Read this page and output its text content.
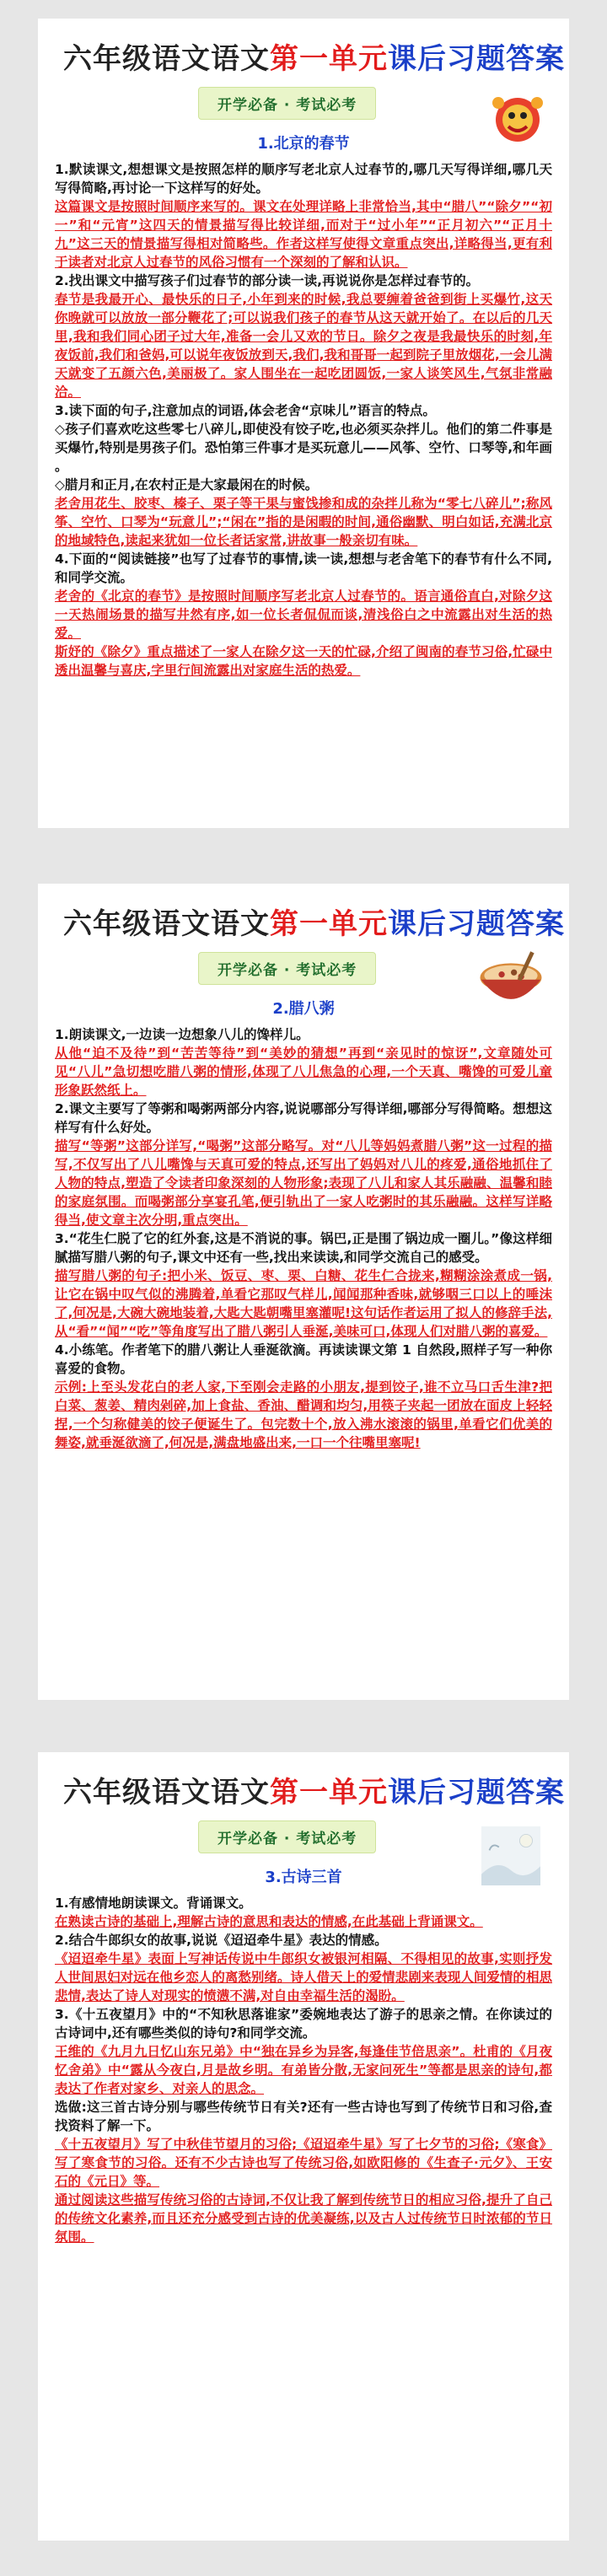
六年级语文语文第一单元课后习题答案
开学必备 · 考试必考
1.北京的春节

1.默读课文,想想课文是按照怎样的顺序写老北京人过春节的,哪几天写得详细,哪几天写得简略,再讨论一下这样写的好处。

这篇课文是按照时间顺序来写的。课文在处理详略上非常恰当,其中“腊八”“除夕”“初一”和“元宵”这四天的情景描写得比较详细,而对于“过小年”“正月初六”“正月十九”这三天的情景描写得相对简略些。作者这样写使得文章重点突出,详略得当,更有利于读者对北京人过春节的风俗习惯有一个深刻的了解和认识。

2.找出课文中描写孩子们过春节的部分读一读,再说说你是怎样过春节的。

春节是我最开心、最快乐的日子,小年到来的时候,我总要缠着爸爸到街上买爆竹,这天你晚就可以放放一部分鞭花了;可以说我们孩子的春节从这天就开始了。在以后的几天里,我和我们同心团子过大年,准备一会儿又欢的节日。除夕之夜是我最快乐的时刻,年夜饭前,我们和爸妈,可以说年夜饭放到天,我们,我和哥哥一起到院子里放烟花,一会儿满天就变了五颜六色,美丽极了。家人围坐在一起吃团圆饭,一家人谈笑风生,气氛非常融洽。

3.读下面的句子,注意加点的词语,体会老舍“京味儿”语言的特点。

◇孩子们喜欢吃这些零七八碎儿,即使没有饺子吃,也必须买杂拌儿。他们的第二件事是买爆竹,特别是男孩子们。恐怕第三件事才是买玩意儿——风筝、空竹、口琴等,和年画 。

◇腊月和正月,在农村正是大家最闲在的时候。

老舍用花生、胶枣、榛子、栗子等干果与蜜饯掺和成的杂拌儿称为“零七八碎儿”;称风筝、空竹、口琴为“玩意儿”;“闲在”指的是闲暇的时间,通俗幽默、明白如话,充满北京的地域特色,读起来犹如一位长者话家常,讲故事一般亲切有味。

4.下面的“阅读链接”也写了过春节的事情,读一读,想想与老舍笔下的春节有什么不同,和同学交流。

老舍的《北京的春节》是按照时间顺序写老北京人过春节的。语言通俗直白,对除夕这一天热闹场景的描写井然有序,如一位长者侃侃而谈,清浅俗白之中流露出对生活的热爱。

斯妤的《除夕》重点描述了一家人在除夕这一天的忙碌,介绍了闽南的春节习俗,忙碌中透出温馨与喜庆,字里行间流露出对家庭生活的热爱。

六年级语文语文第一单元课后习题答案
开学必备 · 考试必考
2.腊八粥

1.朗读课文,一边读一边想象八儿的馋样儿。

从他“迫不及待”到“苦苦等待”到“美妙的猜想”再到“亲见时的惊讶”,文章随处可见“八儿”急切想吃腊八粥的情形,体现了八儿焦急的心理,一个天真、嘴馋的可爱儿童形象跃然纸上。

2.课文主要写了等粥和喝粥两部分内容,说说哪部分写得详细,哪部分写得简略。想想这样写有什么好处。

描写“等粥”这部分详写,“喝粥”这部分略写。对“八儿等妈妈煮腊八粥”这一过程的描写,不仅写出了八儿嘴馋与天真可爱的特点,还写出了妈妈对八儿的疼爱,通俗地抓住了人物的特点,塑造了令读者印象深刻的人物形象;表现了八儿和家人其乐融融、温馨和睦的家庭氛围。而喝粥部分享宴孔笔,便引轨出了一家人吃粥时的其乐融融。这样写详略得当,使文章主次分明,重点突出。

3.“花生仁脱了它的红外套,这是不消说的事。锅巴,正是围了锅边成一圈儿。”像这样细腻描写腊八粥的句子,课文中还有一些,找出来读读,和同学交流自己的感受。

描写腊八粥的句子:把小米、饭豆、枣、栗、白糖、花生仁合拢来,糊糊涂涂煮成一锅,让它在锅中叹气似的沸腾着,单看它那叹气样儿,闻闻那种香味,就够咽三口以上的唾沫了,何况是,大碗大碗地装着,大匙大匙朝嘴里塞灌呢!这句话作者运用了拟人的修辞手法,从“看”“闻”“吃”等角度写出了腊八粥引人垂涎,美味可口,体现人们对腊八粥的喜爱。

4.小练笔。作者笔下的腊八粥让人垂涎欲滴。再读读课文第 1 自然段,照样子写一种你喜爱的食物。

示例:上至头发花白的老人家,下至刚会走路的小朋友,提到饺子,谁不立马口舌生津?把白菜、葱姜、精肉剁碎,加上食盐、香油、醋调和均匀,用筷子夹起一团放在面皮上轻轻捏,一个匀称健美的饺子便诞生了。包完数十个,放入沸水滚滚的锅里,单看它们优美的舞姿,就垂涎欲滴了,何况是,满盘地盛出来,一口一个往嘴里塞呢!

六年级语文语文第一单元课后习题答案
开学必备 · 考试必考
3.古诗三首

1.有感情地朗读课文。背诵课文。

在熟读古诗的基础上,理解古诗的意思和表达的情感,在此基础上背诵课文。

2.结合牛郎织女的故事,说说《迢迢牵牛星》表达的情感。

《迢迢牵牛星》表面上写神话传说中牛郎织女被银河相隔、不得相见的故事,实则抒发人世间思妇对远在他乡恋人的离愁别绪。诗人借天上的爱情悲剧来表现人间爱情的相思悲情,表达了诗人对现实的愤懑不满,对自由幸福生活的渴盼。

3.《十五夜望月》中的“不知秋思落谁家”委婉地表达了游子的思亲之情。在你读过的古诗词中,还有哪些类似的诗句?和同学交流。

王维的《九月九日忆山东兄弟》中“独在异乡为异客,每逢佳节倍思亲”。杜甫的《月夜忆舍弟》中“露从今夜白,月是故乡明。有弟皆分散,无家问死生”等都是思亲的诗句,都表达了作者对家乡、对亲人的思念。

选做:这三首古诗分别与哪些传统节日有关?还有一些古诗也写到了传统节日和习俗,查找资料了解一下。

《十五夜望月》写了中秋佳节望月的习俗;《迢迢牵牛星》写了七夕节的习俗;《寒食》写了寒食节的习俗。还有不少古诗也写了传统习俗,如欧阳修的《生查子·元夕》、王安石的《元日》等。

通过阅读这些描写传统习俗的古诗词,不仅让我了解到传统节日的相应习俗,提升了自己的传统文化素养,而且还充分感受到古诗的优美凝练,以及古人过传统节日时浓郁的节日氛围。
